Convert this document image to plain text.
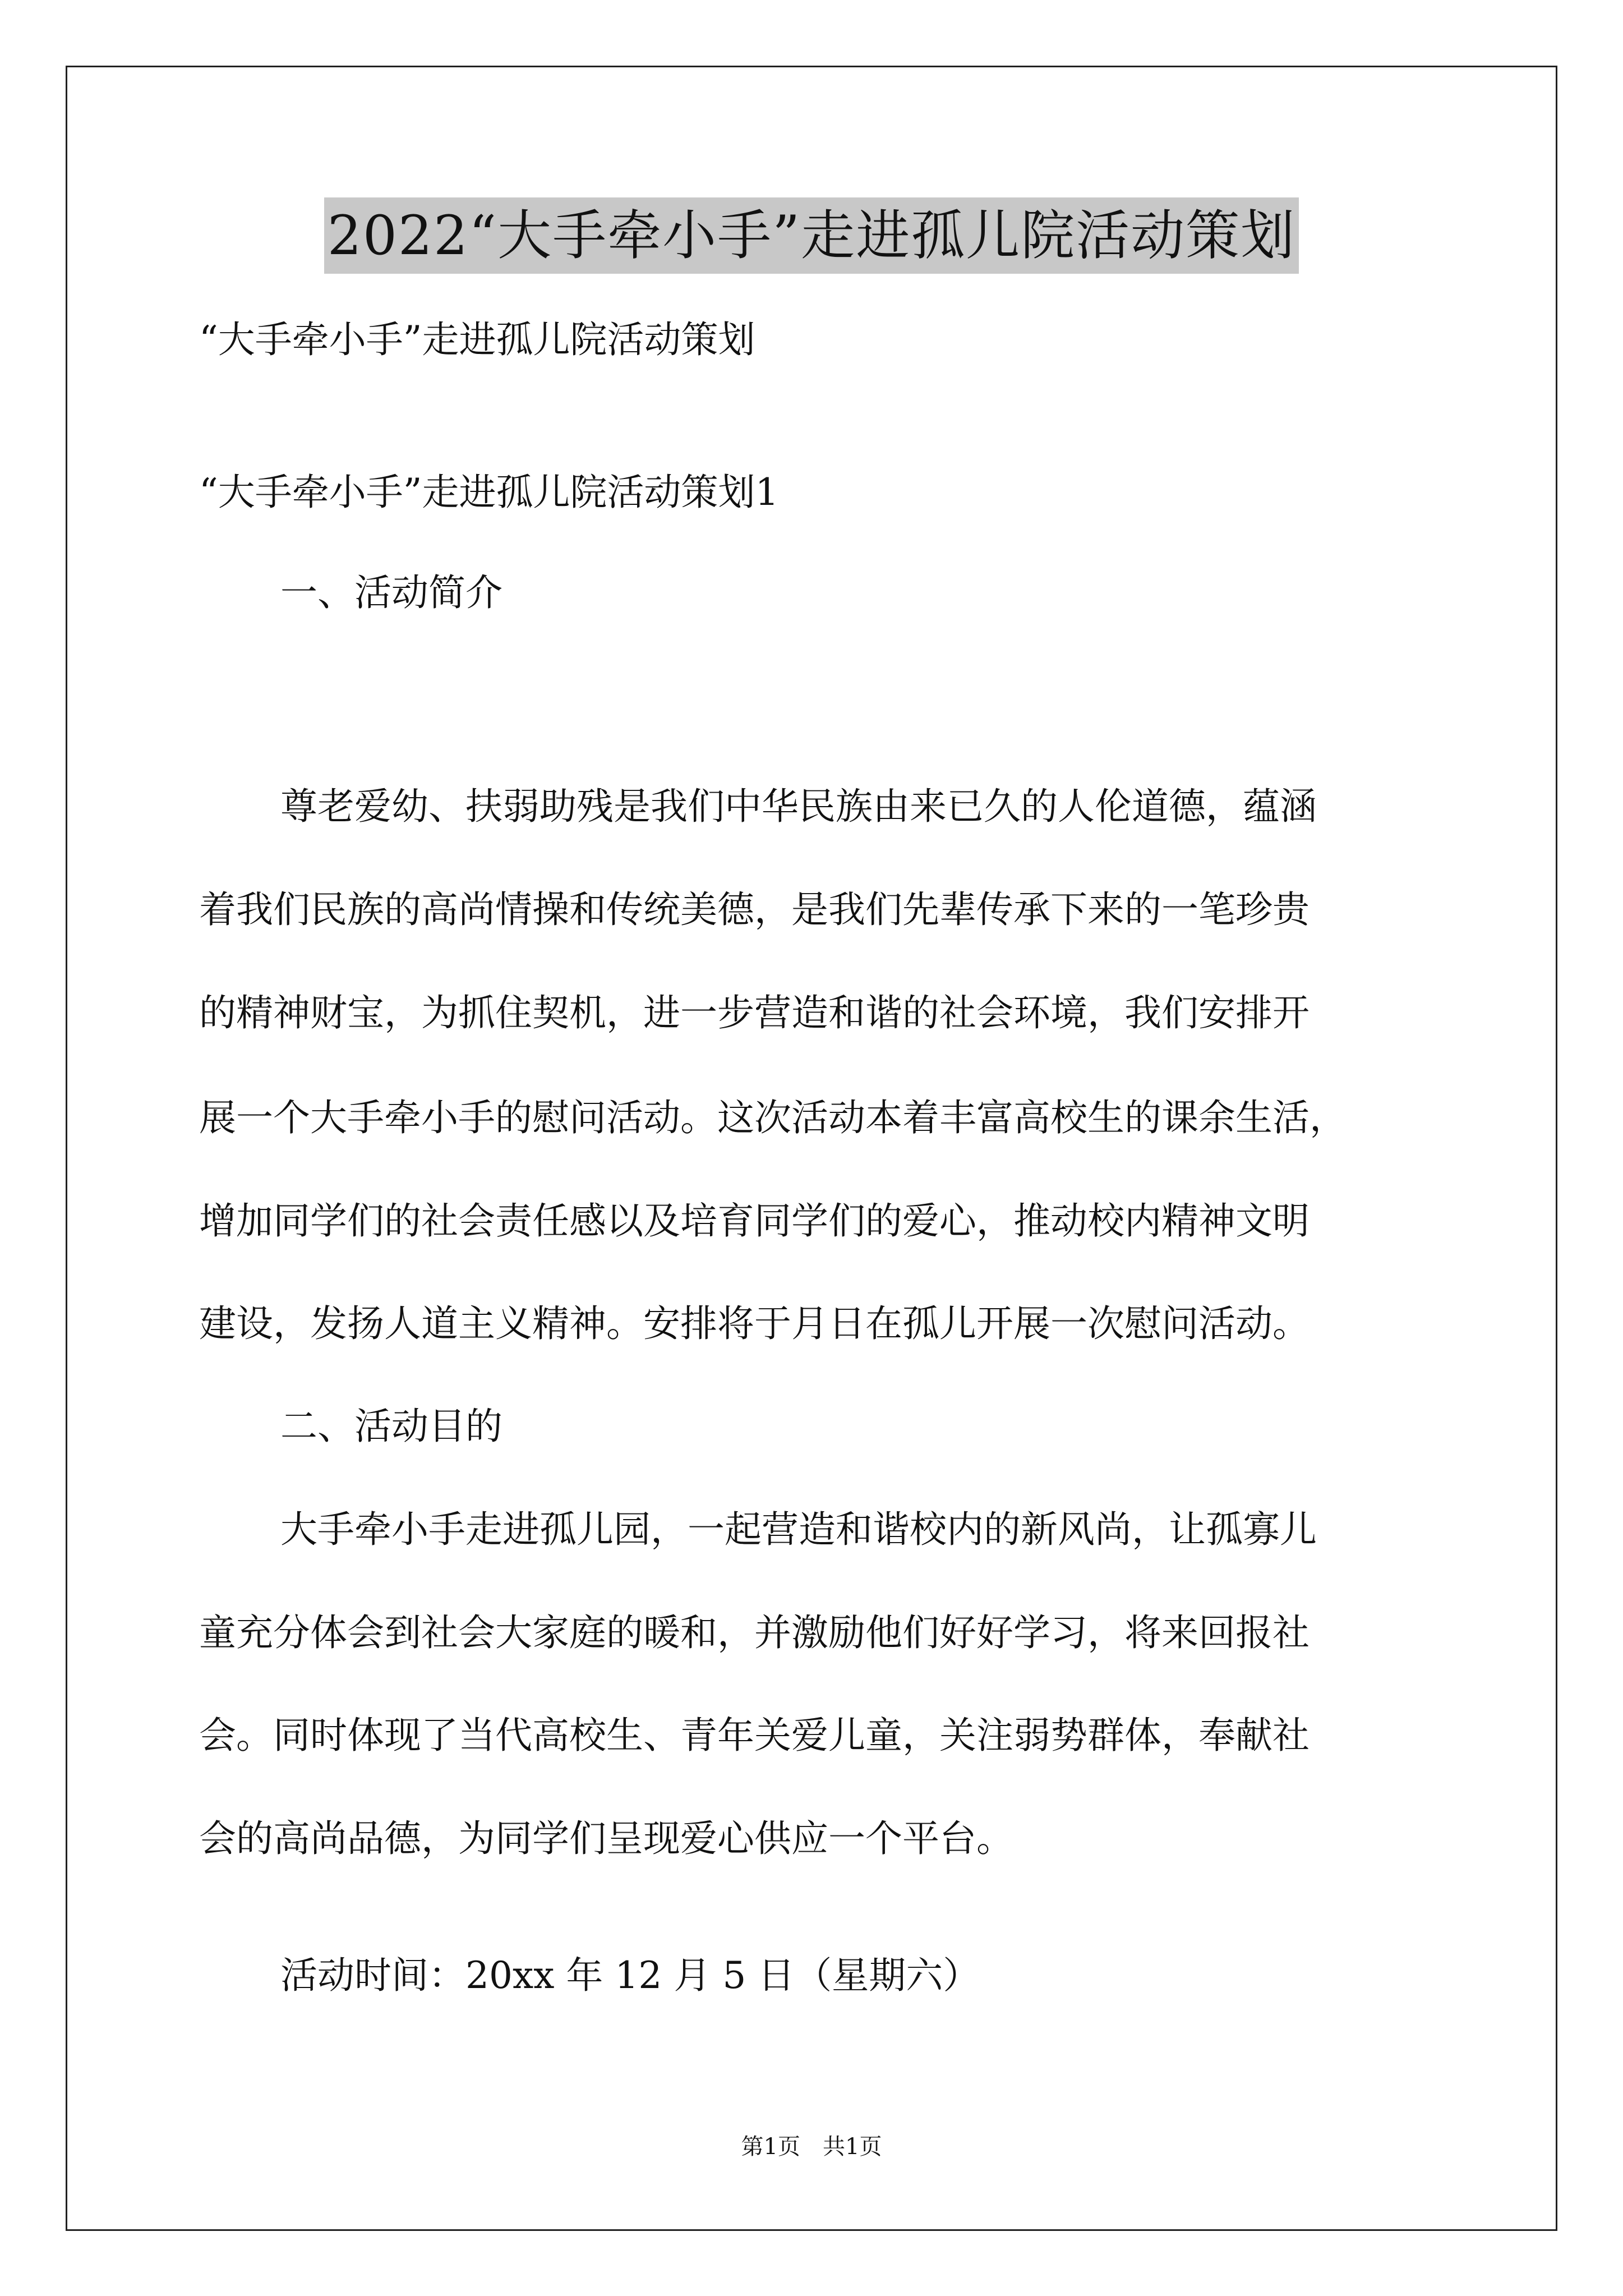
2022“大手牵小手”走进孤儿院活动策划
“大手牵小手”走进孤儿院活动策划
“大手牵小手”走进孤儿院活动策划1
一、活动简介
尊老爱幼、扶弱助残是我们中华民族由来已久的人伦道德，蕴涵
着我们民族的高尚情操和传统美德，是我们先辈传承下来的一笔珍贵
的精神财宝，为抓住契机，进一步营造和谐的社会环境，我们安排开
展一个大手牵小手的慰问活动。这次活动本着丰富高校生的课余生活，
增加同学们的社会责任感以及培育同学们的爱心，推动校内精神文明
建设，发扬人道主义精神。安排将于月日在孤儿开展一次慰问活动。
二、活动目的
大手牵小手走进孤儿园，一起营造和谐校内的新风尚，让孤寡儿
童充分体会到社会大家庭的暖和，并激励他们好好学习，将来回报社
会。同时体现了当代高校生、青年关爱儿童，关注弱势群体，奉献社
会的高尚品德，为同学们呈现爱心供应一个平台。
活动时间：20xx 年 12 月 5 日（星期六）
第1页　共1页
